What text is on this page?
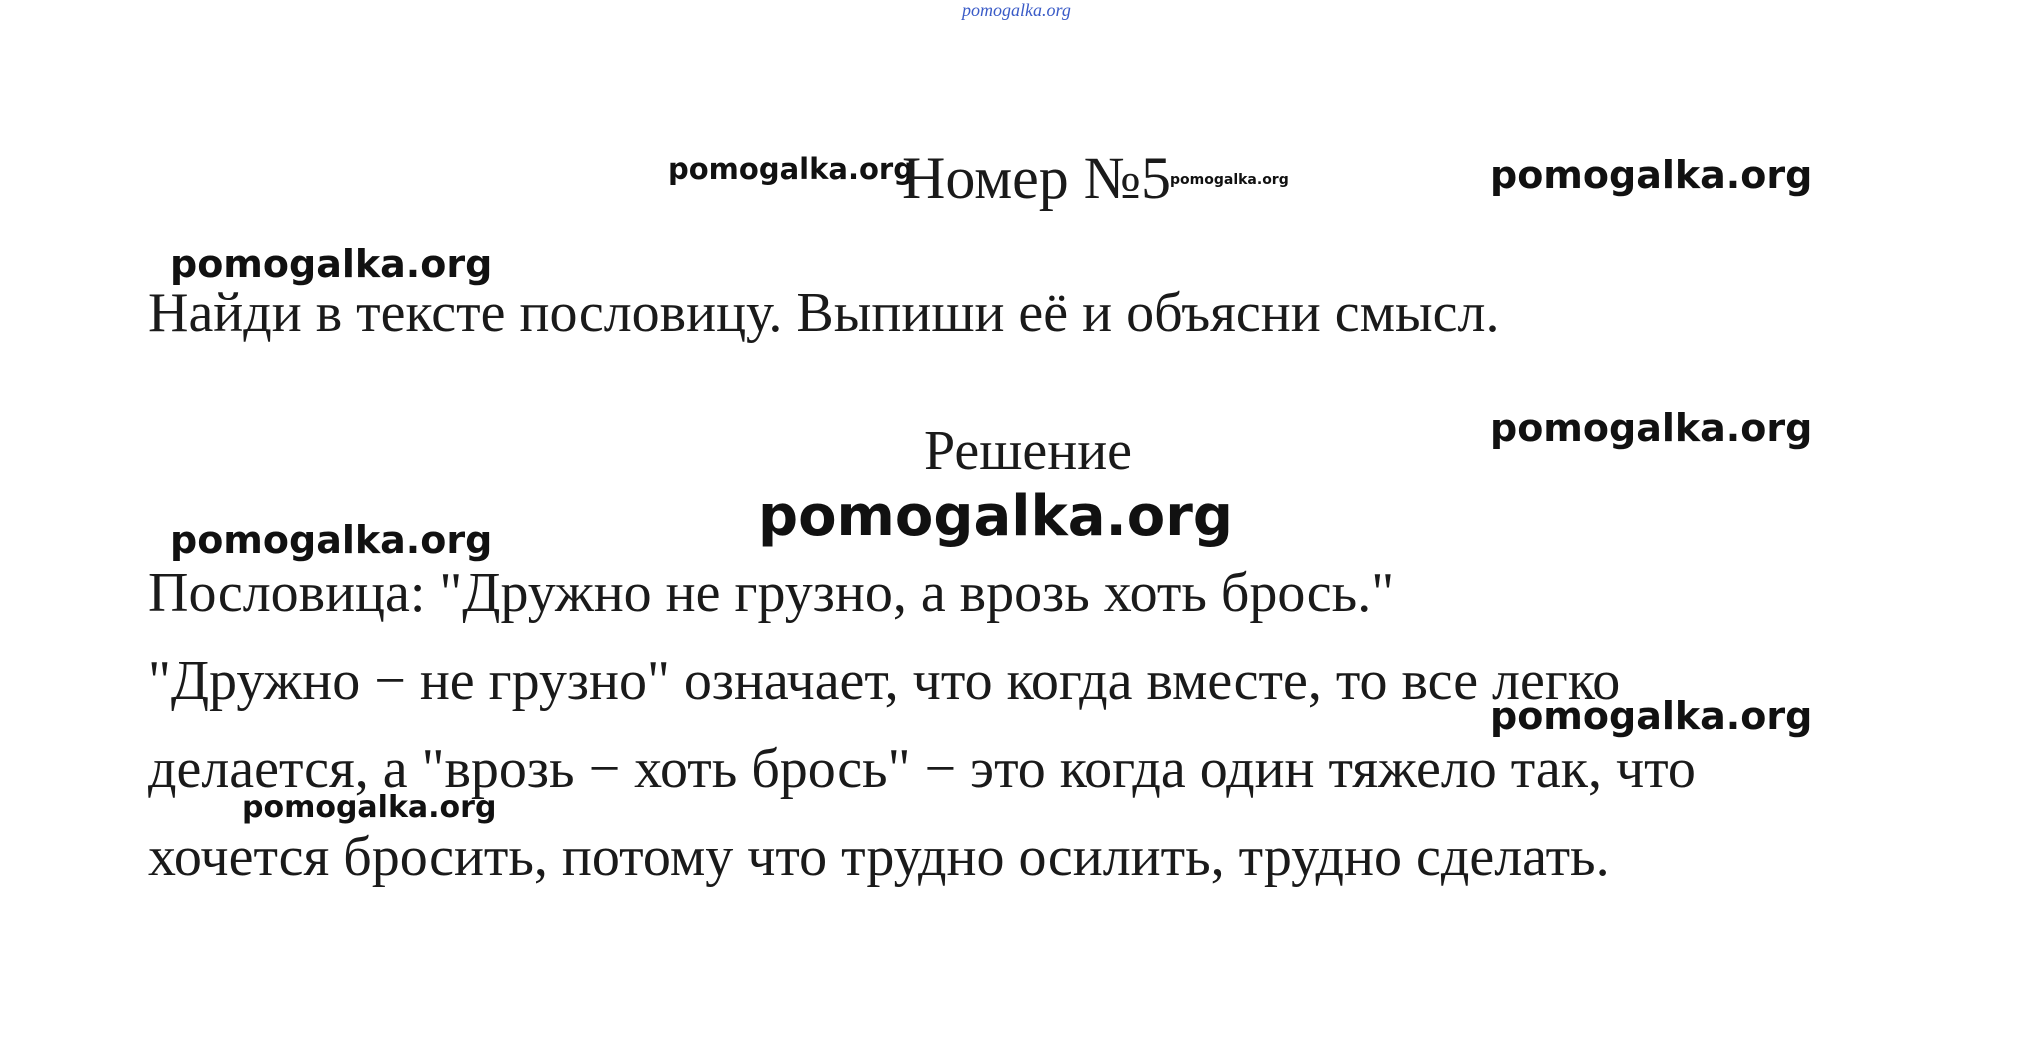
pomogalka.org
pomogalka.org
Номер №5
pomogalka.org	pomogalka.org
pomogalka.org
Найди в тексте пословицу. Выпиши её и объясни смысл.
pomogalka.org
Решение
pomogalka.org
pomogalka.org
Пословица: "Дружно не грузно, а врозь хоть брось."
"Дружно − не грузно" означает, что когда вместе, то все легко
pomogalka.org
делается, а "врозь − хоть брось" − это когда один тяжело так, что
pomogalka.org
хочется бросить, потому что трудно осилить, трудно сделать.
